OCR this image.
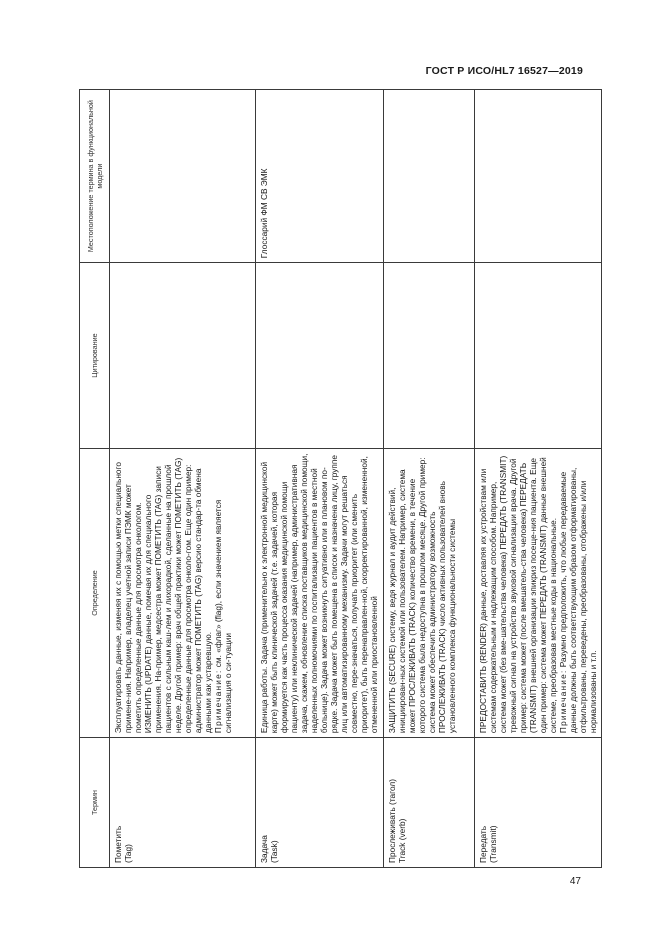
ГОСТ Р ИСО/HL7 16527—2019
Термин	Определение	Цитирование	Местоположение термина в функциональной модели

Пометить (Tag)	Эксплуатировать данные, изменяя их с помощью метки специального примене-ния. Например, владелец учетной записи ПЭМК может пометить определенные данные для просмотра онкологом. ИЗМЕНИТЬ (UPDATE) данные, помечая их для специального применения. На-пример, медсестра может ПОМЕТИТЬ (TAG) записи пациентов с сильным каш-лем и лихорадкой, сделанные на прошлой неделе. Другой пример: врач общей практики может ПОМЕТИТЬ (TAG) определенные данные для просмотра онколо-гом. Еще один пример: администратор может ПОМЕТИТЬ (TAG) версию стандар-та обмена данными как устаревшую. Примечание: см. «флаг» (flag), если значением является сигнализация о си-туации		

Задача (Task)	Единица работы. Задача (применительно к электронной медицинской карте) может быть клинической задачей (т.е. задачей, которая формируется как часть процесса оказания медицинской помощи пациенту) или неклинической задачей (например, административная задача, скажем, обновление списка поставщиков медицинской помощи, наделенных полномочиями по госпитализации пациентов в местной больнице). Задача может возникнуть ситуативно или в плановом по-рядке. Задача может быть помещена в список и назначена лицу, группе лиц или автоматизированному механизму. Задачи могут решаться совместно, пере-значаться, получать приоритет (или сменить приоритет), быть перенаправлен-ной, скорректированной, измененной, отмененной или приостановленной		Глоссарий ФМ СВ ЭМК

Прослеживать (тагол) Track (verb)	ЗАЩИТИТЬ (SECURE) систему, ведя журнал и аудит действий, инициирован-ных системой или пользователем. Например, система может ПРОСЛЕЖИВАТЬ (TRACK) количество времени, в течение которого система была недоступна в прошлом месяце. Другой пример: система может обеспечить администратору возможность ПРОСЛЕЖИВАТЬ (TRACK) число активных пользователей вновь установленного комплекса функциональности системы		

Передать (Transmit)	ПРЕДОСТАВИТЬ (RENDER) данные, доставляя их устройствам или системам содержательным и надлежащим способом. Например, система может (без вме-шательства человека) ПЕРЕДАТЬ (TRANSMIT) тревожный сигнал на устройство звуковой сигнализации врача. Другой пример: система может (после вмешатель-ства человека) ПЕРЕДАТЬ (TRANSMIT) внешней организации эпикриз посеще-ния пациента. Еще один пример: система может ПЕРЕДАТЬ (TRANSMIT) данные внешней системе, преобразовав местные коды в национальные. Примечание: Разумно предположить, что любые передаваемые данные должны быть соответствующим образом отформатированы, отфильтрованы, переведены, преобразованы, отображены и/или нормализованы и т.п.		

47
